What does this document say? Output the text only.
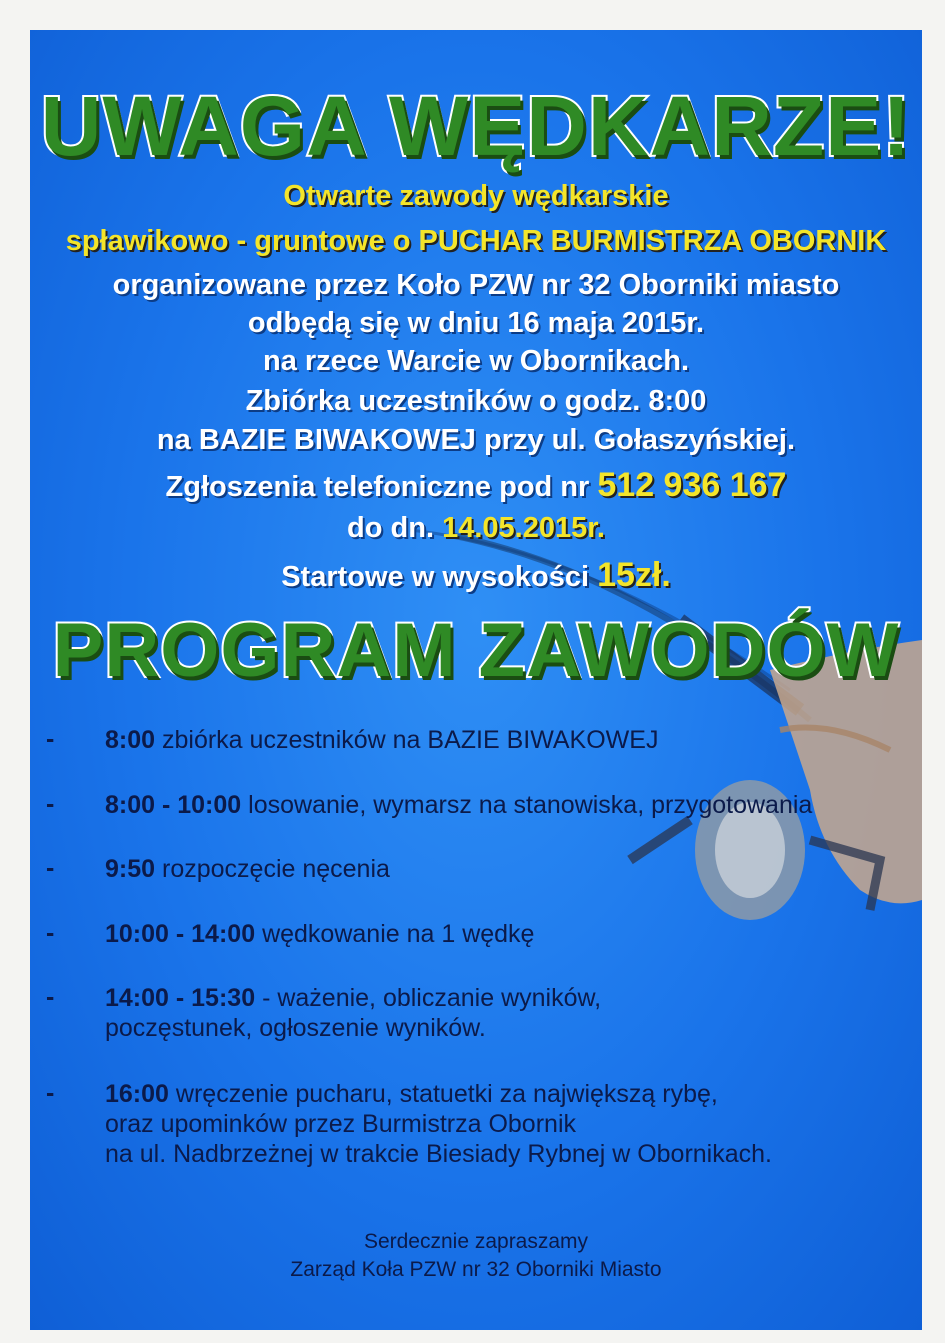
UWAGA WĘDKARZE!

Otwarte zawody wędkarskie

spławikowo - gruntowe o PUCHAR BURMISTRZA OBORNIK

organizowane przez Koło PZW nr 32 Oborniki miasto

odbędą się w dniu 16 maja 2015r.

na rzece Warcie w Obornikach.

Zbiórka uczestników o godz. 8:00

na BAZIE BIWAKOWEJ przy ul. Gołaszyńskiej.

Zgłoszenia telefoniczne pod nr 512 936 167

do dn. 14.05.2015r.

Startowe w wysokości 15zł.

PROGRAM ZAWODÓW
- 8:00 zbiórka uczestników na BAZIE BIWAKOWEJ
- 8:00 - 10:00 losowanie, wymarsz na stanowiska, przygotowania
- 9:50 rozpoczęcie nęcenia
- 10:00 - 14:00 wędkowanie na 1 wędkę
- 14:00 - 15:30 - ważenie, obliczanie wyników,
poczęstunek, ogłoszenie wyników.
- 16:00 wręczenie pucharu, statuetki za największą rybę,
oraz upominków przez Burmistrza Obornik
na ul. Nadbrzeżnej w trakcie Biesiady Rybnej w Obornikach.
Serdecznie zapraszamy
Zarząd Koła PZW nr 32 Oborniki Miasto
